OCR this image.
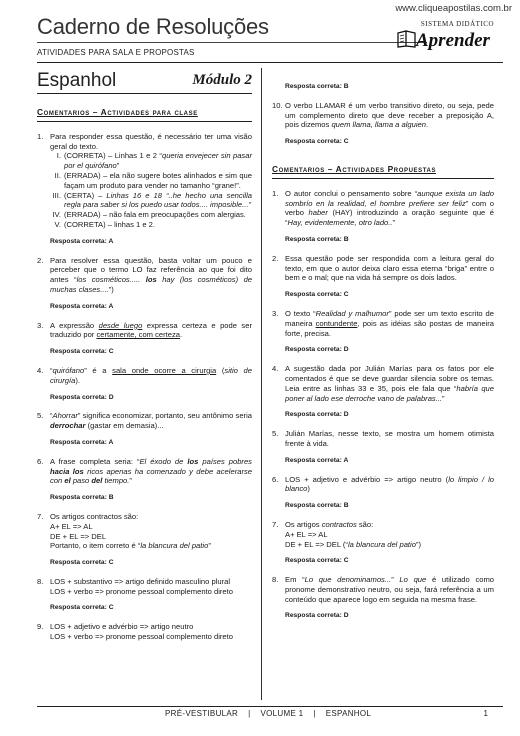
www.cliqueapostilas.com.br
Caderno de Resoluções
ATIVIDADES PARA SALA E PROPOSTAS
SISTEMA DIDÁTICO
Aprender
Espanhol	Módulo 2
Comentarios – Actividades para clase
1. Para responder essa questão, é necessário ter uma visão geral do texto.

I. (CORRETA) – Linhas 1 e 2 “queria envejecer sin pasar por el quirófano”
II. (ERRADA) – ela não sugere botes alinhados e sim que façam um produto para vender no tamanho “grane!”.
III. (CERTA) – Linhas 16 e 18 “..he hecho una sencilla regla para saber si los puedo usar todos.... imposible...”
IV. (ERRADA) – não fala em preocupações com alergias.
V. (CORRETA) – linhas 1 e 2.
Resposta correta: A
2. Para resolver essa questão, basta voltar um pouco e perceber que o termo LO faz referência ao que foi dito antes “los cosméticos..... los hay (los cosméticos) de muchas clases....”)
Resposta correta: A
3. A expressão desde luego expressa certeza e pode ser traduzido por certamente, com certeza.
Resposta correta: C
4. “quirófano” é a sala onde ocorre a cirurgia (sitio de cirurgía).
Resposta correta: D
5. “Ahorrar” significa economizar, portanto, seu antônimo seria derrochar (gastar em demasia)...
Resposta correta: A
6. A frase completa seria: “El éxodo de los países pobres hacia los ricos apenas ha comenzado y debe acelerarse con el paso del tiempo.”
Resposta correta: B
7. Os artigos contractos são:

A+ EL => AL

DE + EL => DEL

Portanto, o item correto é “la blancura del patio”

Resposta correta: C
8. LOS + substantivo => artigo definido masculino plural

LOS + verbo => pronome pessoal complemento direto

Resposta correta: C
9. LOS + adjetivo e advérbio => artigo neutro

LOS + verbo => pronome pessoal complemento direto

Resposta correta: B
10. O verbo LLAMAR é um verbo transitivo direto, ou seja, pede um complemento direto que deve receber a preposição A, pois dizemos quem llama, llama a alguien.
Resposta correta: C
Comentarios – Actividades Propuestas
1. O autor conclui o pensamento sobre “aunque exista un lado sombrío en la realidad, el hombre prefiere ser feliz” com o verbo haber (HAY) introduzindo a oração seguinte que é “Hay, evidentemente, otro lado..”
Resposta correta: B
2. Essa questão pode ser respondida com a leitura geral do texto, em que o autor deixa claro essa eterna “briga” entre o bem e o mal; que na vida há sempre os dois lados.
Resposta correta: C
3. O texto “Realidad y malhumor” pode ser um texto escrito de maneira contundente, pois as idéias são postas de maneira forte, precisa.
Resposta correta: D
4. A sugestão dada por Julián Marías para os fatos por ele comentados é que se deve guardar silencia sobre os temas. Leia entre as linhas 33 e 35, pois ele fala que “habría que poner al lado ese derroche vano de palabras...”
Resposta correta: D
5. Julián Marías, nesse texto, se mostra um homem otimista frente à vida.
Resposta correta: A
6. LOS + adjetivo e advérbio => artigo neutro (lo limpio / lo blanco)
Resposta correta: B
7. Os artigos contractos são:

A+ EL => AL

DE + EL => DEL (“la blancura del patio”)

Resposta correta: C
8. Em “Lo que denominamos...” Lo que é utilizado como pronome demonstrativo neutro, ou seja, fará referência a um conteúdo que aparece logo em seguida na mesma frase.
Resposta correta: D
PRÉ-VESTIBULAR | VOLUME 1 | ESPANHOL	1
